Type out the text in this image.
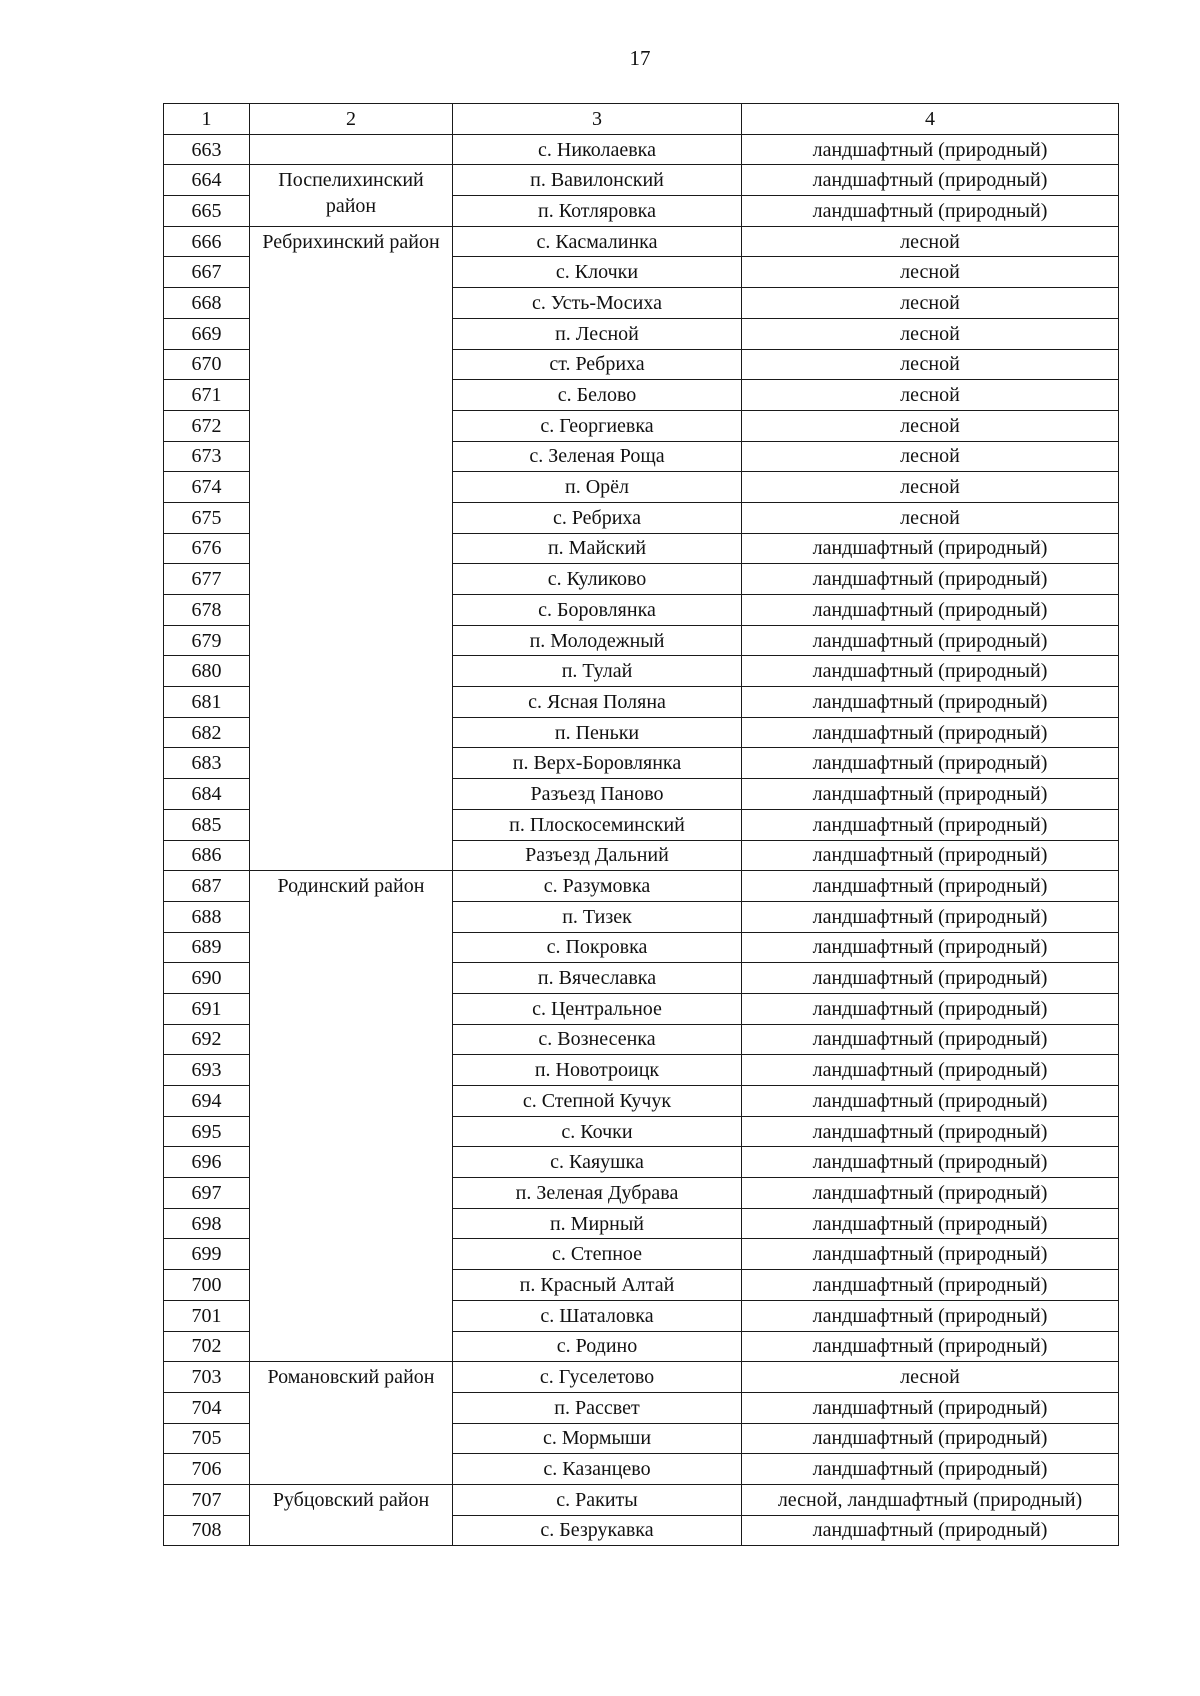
17
1	2	3	4
663		с. Николаевка	ландшафтный (природный)
664	Поспелихинский район	п. Вавилонский	ландшафтный (природный)
665		п. Котляровка	ландшафтный (природный)
666	Ребрихинский район	с. Касмалинка	лесной
667		с. Клочки	лесной
668		с. Усть-Мосиха	лесной
669		п. Лесной	лесной
670		ст. Ребриха	лесной
671		с. Белово	лесной
672		с. Георгиевка	лесной
673		с. Зеленая Роща	лесной
674		п. Орёл	лесной
675		с. Ребриха	лесной
676		п. Майский	ландшафтный (природный)
677		с. Куликово	ландшафтный (природный)
678		с. Боровлянка	ландшафтный (природный)
679		п. Молодежный	ландшафтный (природный)
680		п. Тулай	ландшафтный (природный)
681		с. Ясная Поляна	ландшафтный (природный)
682		п. Пеньки	ландшафтный (природный)
683		п. Верх-Боровлянка	ландшафтный (природный)
684		Разъезд Паново	ландшафтный (природный)
685		п. Плоскосеминский	ландшафтный (природный)
686		Разъезд Дальний	ландшафтный (природный)
687	Родинский район	с. Разумовка	ландшафтный (природный)
688		п. Тизек	ландшафтный (природный)
689		с. Покровка	ландшафтный (природный)
690		п. Вячеславка	ландшафтный (природный)
691		с. Центральное	ландшафтный (природный)
692		с. Вознесенка	ландшафтный (природный)
693		п. Новотроицк	ландшафтный (природный)
694		с. Степной Кучук	ландшафтный (природный)
695		с. Кочки	ландшафтный (природный)
696		с. Каяушка	ландшафтный (природный)
697		п. Зеленая Дубрава	ландшафтный (природный)
698		п. Мирный	ландшафтный (природный)
699		с. Степное	ландшафтный (природный)
700		п. Красный Алтай	ландшафтный (природный)
701		с. Шаталовка	ландшафтный (природный)
702		с. Родино	ландшафтный (природный)
703	Романовский район	с. Гуселетово	лесной
704		п. Рассвет	ландшафтный (природный)
705		с. Мормыши	ландшафтный (природный)
706		с. Казанцево	ландшафтный (природный)
707	Рубцовский район	с. Ракиты	лесной, ландшафтный (природный)
708		с. Безрукавка	ландшафтный (природный)
